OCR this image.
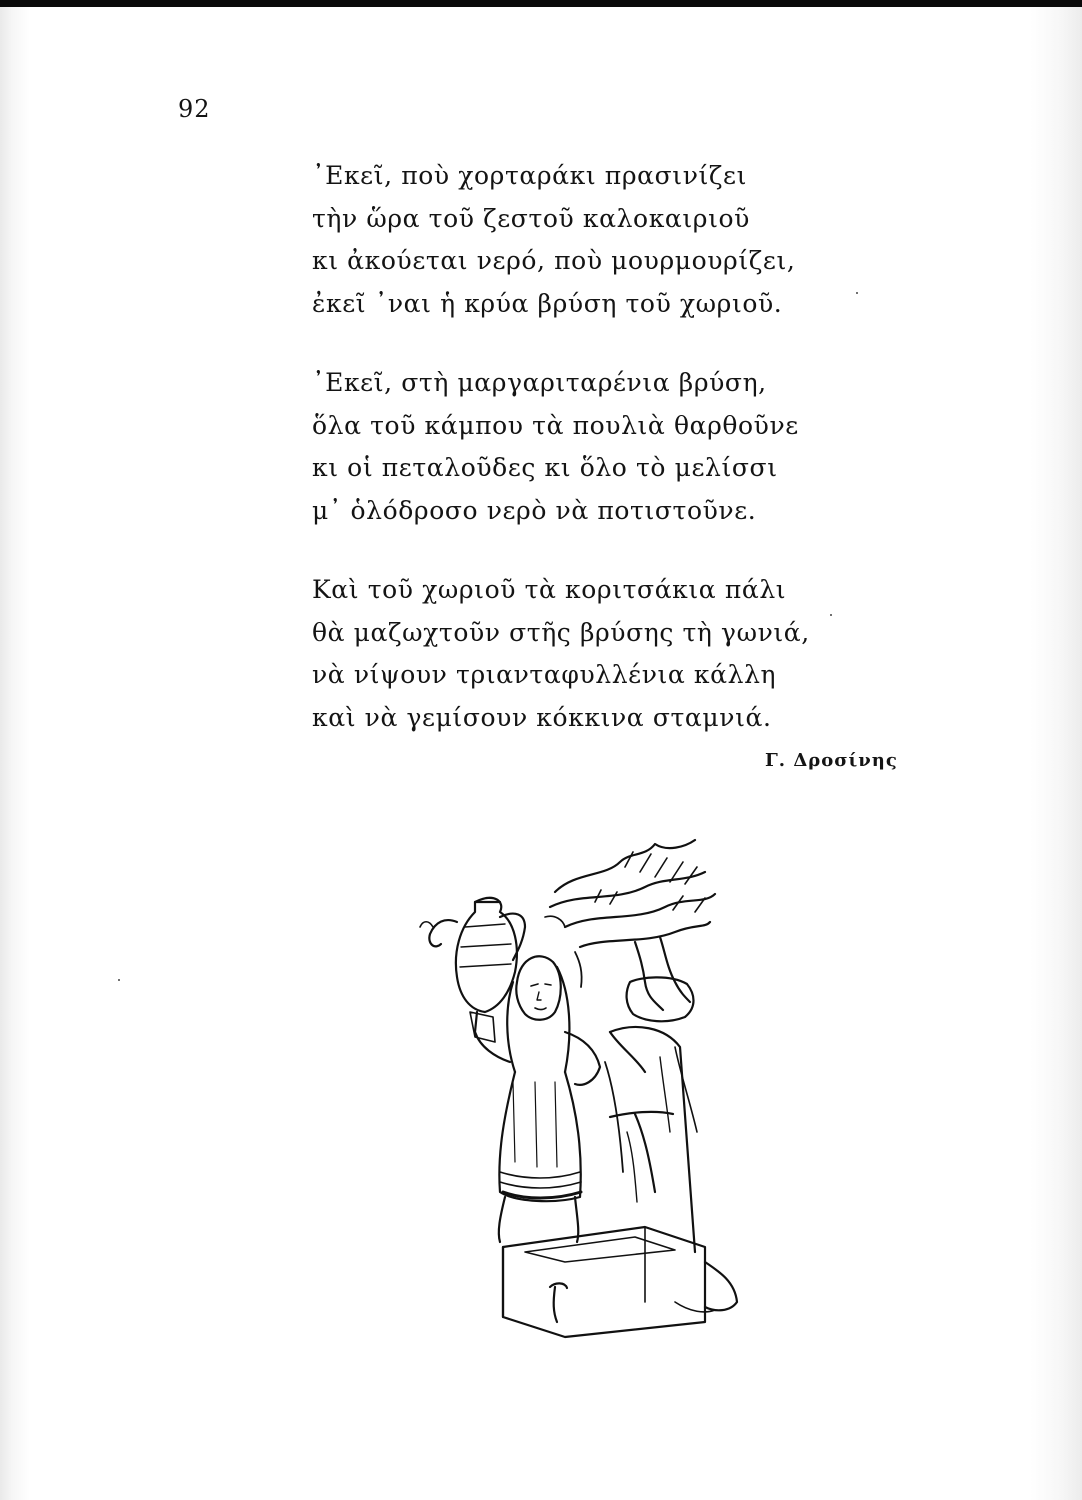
92
᾿Εκεῖ, ποὺ χορταράκι πρασινίζει
τὴν ὥρα τοῦ ζεστοῦ καλοκαιριοῦ
κι ἀκούεται νερό, ποὺ μουρμουρίζει,
ἐκεῖ ᾿ναι ἡ κρύα βρύση τοῦ χωριοῦ.
᾿Εκεῖ, στὴ μαργαριταρένια βρύση,
ὅλα τοῦ κάμπου τὰ πουλιὰ θαρθοῦνε
κι οἱ πεταλοῦδες κι ὅλο τὸ μελίσσι
μ᾿ ὁλόδροσο νερὸ νὰ ποτιστοῦνε.
Καὶ τοῦ χωριοῦ τὰ κοριτσάκια πάλι
θὰ μαζωχτοῦν στῆς βρύσης τὴ γωνιά,
νὰ νίψουν τριανταφυλλένια κάλλη
καὶ νὰ γεμίσουν κόκκινα σταμνιά.
Γ. Δροσίνης
